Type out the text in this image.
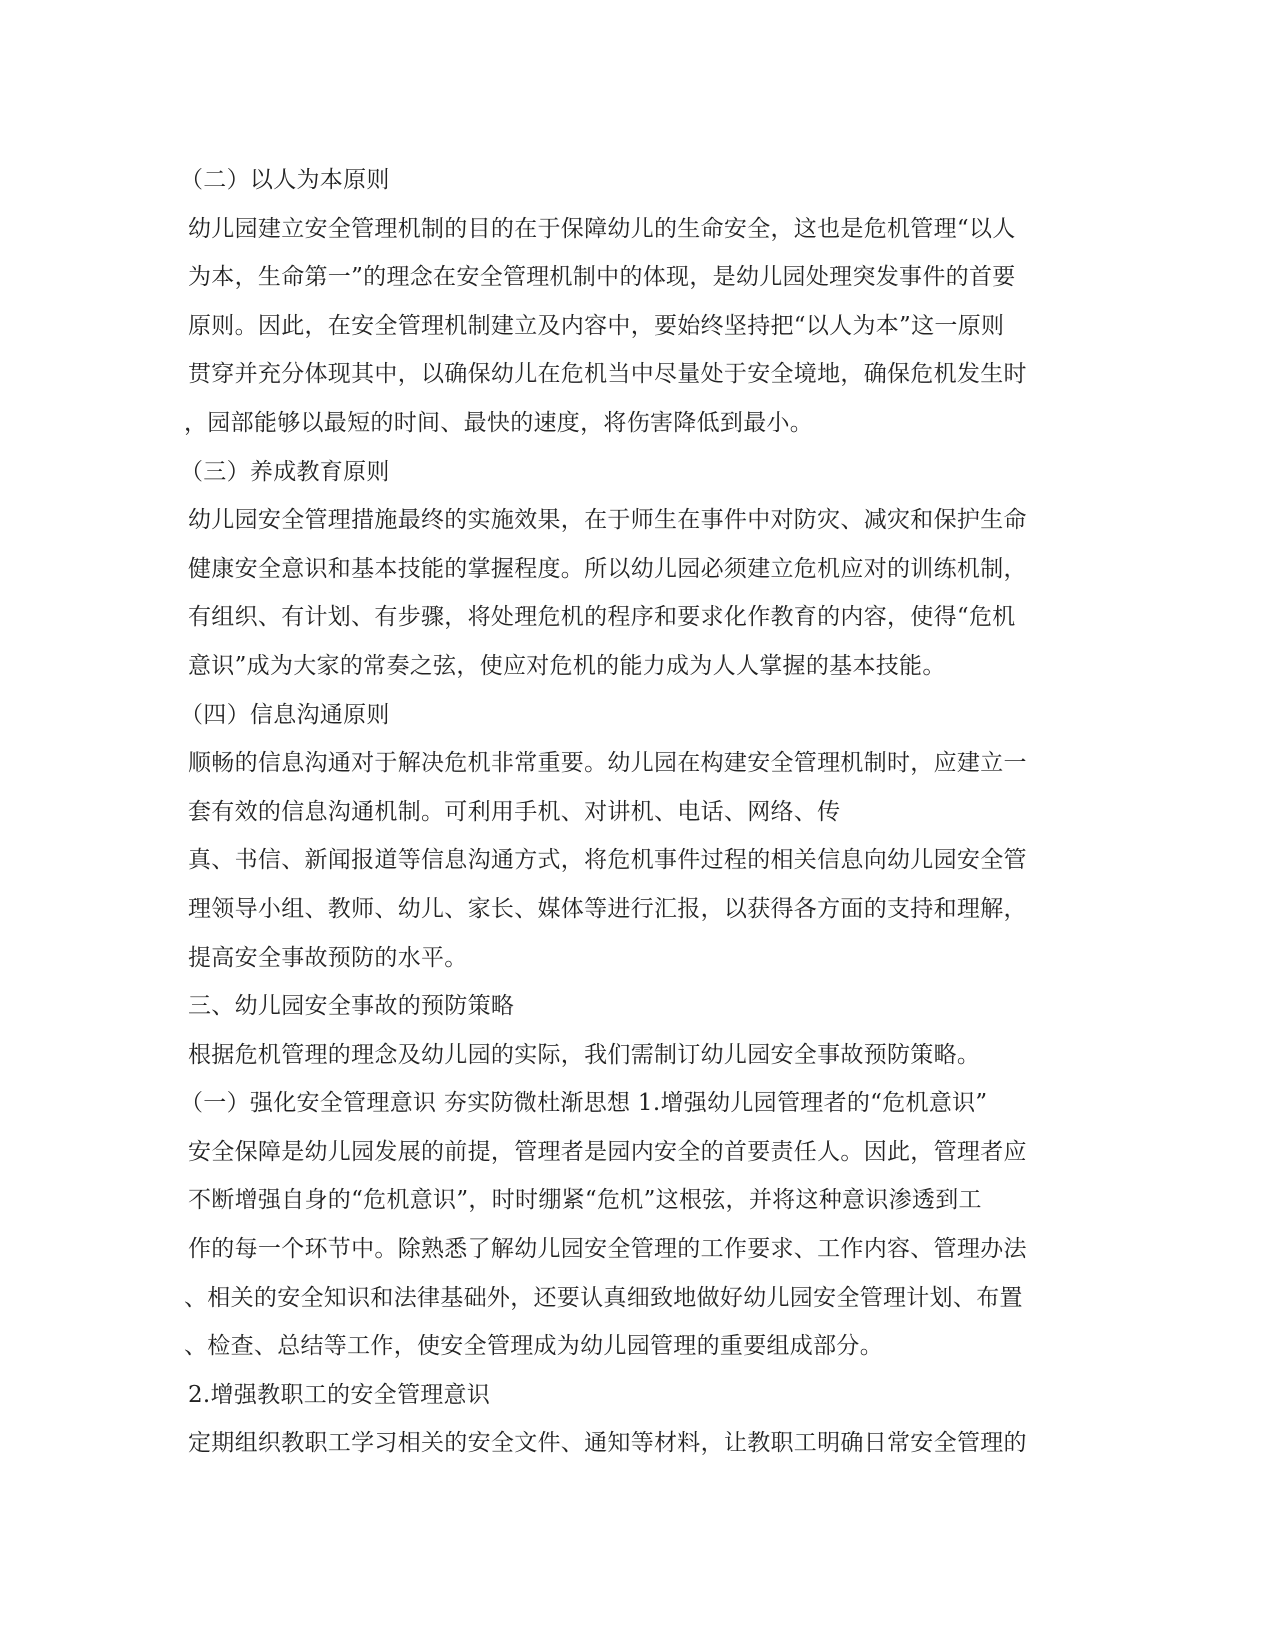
（二）以人为本原则
幼儿园建立安全管理机制的目的在于保障幼儿的生命安全，这也是危机管理“以人
为本，生命第一”的理念在安全管理机制中的体现，是幼儿园处理突发事件的首要
原则。因此，在安全管理机制建立及内容中，要始终坚持把“以人为本”这一原则
贯穿并充分体现其中，以确保幼儿在危机当中尽量处于安全境地，确保危机发生时
，园部能够以最短的时间、最快的速度，将伤害降低到最小。
（三）养成教育原则
幼儿园安全管理措施最终的实施效果，在于师生在事件中对防灾、减灾和保护生命
健康安全意识和基本技能的掌握程度。所以幼儿园必须建立危机应对的训练机制，
有组织、有计划、有步骤，将处理危机的程序和要求化作教育的内容，使得“危机
意识”成为大家的常奏之弦，使应对危机的能力成为人人掌握的基本技能。
（四）信息沟通原则
顺畅的信息沟通对于解决危机非常重要。幼儿园在构建安全管理机制时，应建立一
套有效的信息沟通机制。可利用手机、对讲机、电话、网络、传
真、书信、新闻报道等信息沟通方式，将危机事件过程的相关信息向幼儿园安全管
理领导小组、教师、幼儿、家长、媒体等进行汇报，以获得各方面的支持和理解，
提高安全事故预防的水平。
三、幼儿园安全事故的预防策略
根据危机管理的理念及幼儿园的实际，我们需制订幼儿园安全事故预防策略。
（一）强化安全管理意识 夯实防微杜渐思想 1.增强幼儿园管理者的“危机意识”
安全保障是幼儿园发展的前提，管理者是园内安全的首要责任人。因此，管理者应
不断增强自身的“危机意识”，时时绷紧“危机”这根弦，并将这种意识渗透到工
作的每一个环节中。除熟悉了解幼儿园安全管理的工作要求、工作内容、管理办法
、相关的安全知识和法律基础外，还要认真细致地做好幼儿园安全管理计划、布置
、检查、总结等工作，使安全管理成为幼儿园管理的重要组成部分。
2.增强教职工的安全管理意识
定期组织教职工学习相关的安全文件、通知等材料，让教职工明确日常安全管理的
